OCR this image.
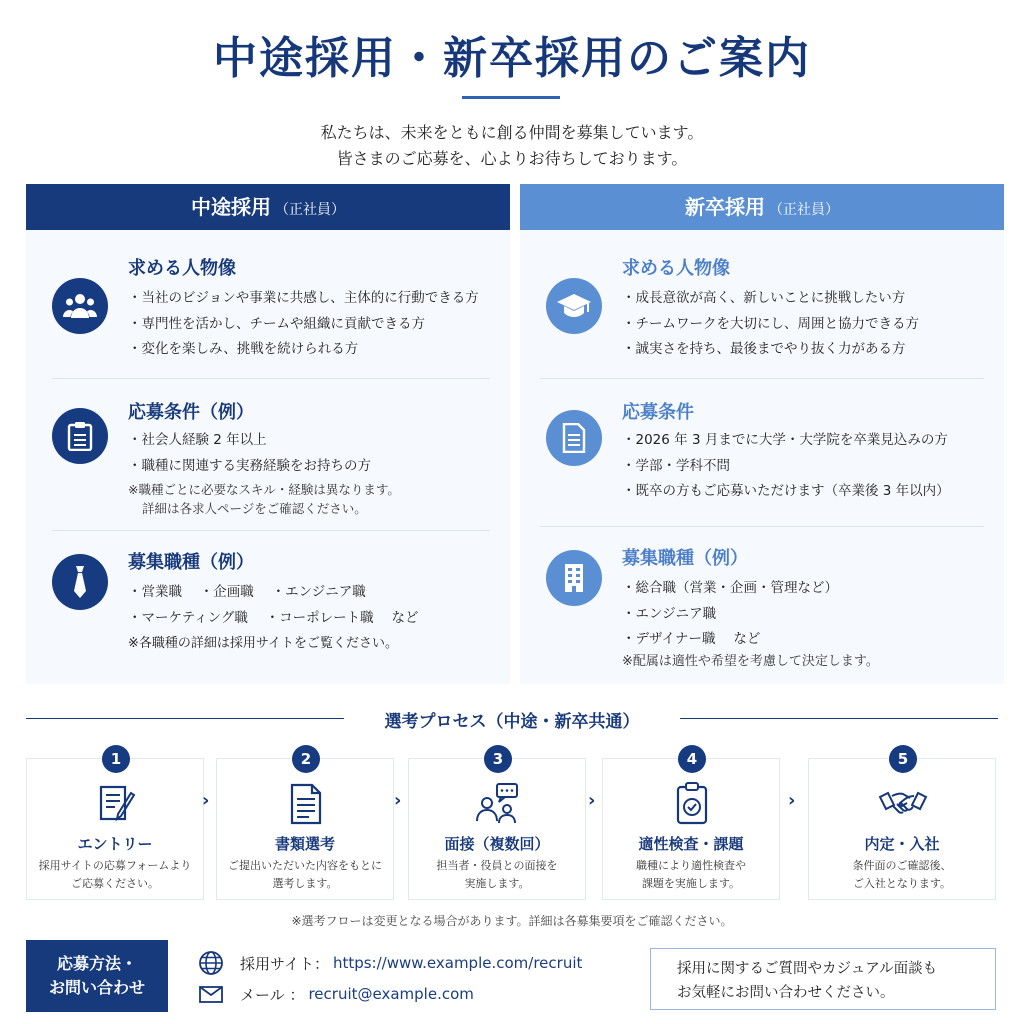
中途採用・新卒採用のご案内
私たちは、未来をともに創る仲間を募集しています。
皆さまのご応募を、心よりお待ちしております。
中途採用 （正社員）
求める人物像
・ 当社のビジョンや事業に共感し、主体的に行動できる方
・ 専門性を活かし、チームや組織に貢献できる方
・ 変化を楽しみ、挑戦を続けられる方
応募条件（例）
・ 社会人経験 2 年以上
・ 職種に関連する実務経験をお持ちの方
※職種ごとに必要なスキル・経験は異なります。
詳細は各求人ページをご確認ください。
募集職種（例）
・営業職　 ・企画職　 ・エンジニア職
・マーケティング職　 ・コーポレート職　 など
※各職種の詳細は採用サイトをご覧ください。
新卒採用 （正社員）
求める人物像
・ 成長意欲が高く、新しいことに挑戦したい方
・ チームワークを大切にし、周囲と協力できる方
・ 誠実さを持ち、最後までやり抜く力がある方
応募条件
・ 2026 年 3 月までに大学・大学院を卒業見込みの方
・ 学部・学科不問
・ 既卒の方もご応募いただけます（卒業後 3 年以内）
募集職種（例）
・ 総合職（営業・企画・管理など）
・ エンジニア職
・ デザイナー職　 など
※配属は適性や希望を考慮して決定します。
選考プロセス（中途・新卒共通）
1
エントリー
採用サイトの応募フォームより
ご応募ください。
›
2
書類選考
ご提出いただいた内容をもとに
選考します。
›
3
面接（複数回）
担当者・役員との面接を
実施します。
›
4
適性検査・課題
職種により適性検査や
課題を実施します。
›
5
内定・入社
条件面のご確認後、
ご入社となります。
※選考フローは変更となる場合があります。詳細は各募集要項をご確認ください。
応募方法・
お問い合わせ
採用サイト： https://www.example.com/recruit
メール ： recruit@example.com
採用に関するご質問やカジュアル面談も
お気軽にお問い合わせください。
